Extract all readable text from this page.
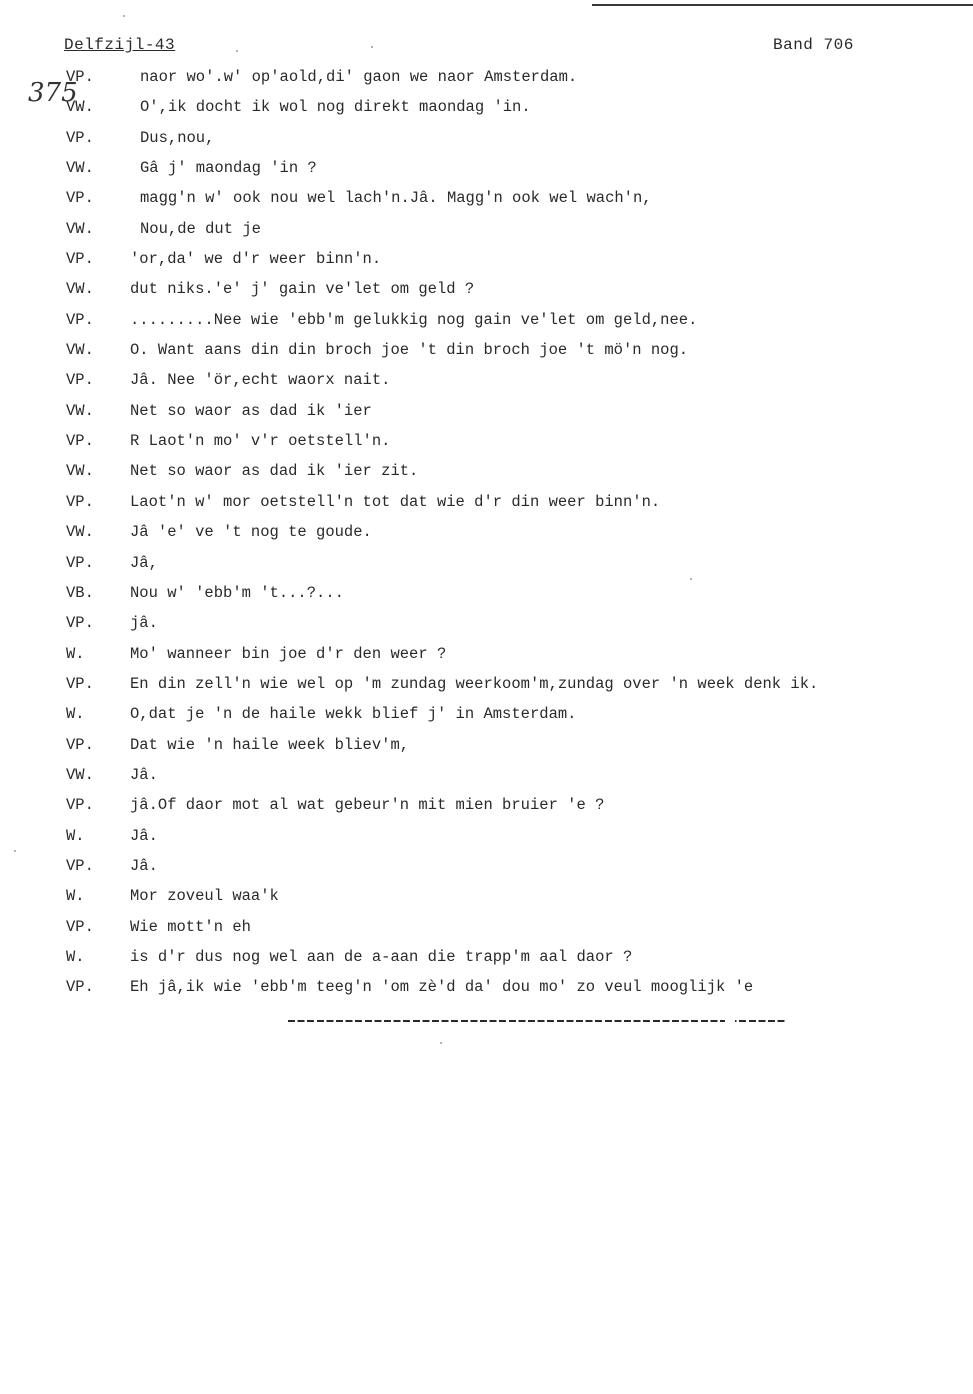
Delfzijl-43	Band 706
375
VP.	naor wo'.w' op'aold,di' gaon we naor Amsterdam.
VW.	O',ik docht ik wol nog direkt maondag 'in.
VP.	Dus,nou,
VW.	Gâ j' maondag 'in ?
VP.	magg'n w' ook nou wel lach'n.Jâ. Magg'n ook wel wach'n,
VW.	Nou,de dut je
VP. 'or,da' we d'r weer binn'n.
VW. dut niks.'e' j' gain ve'let om geld ?
VP. .........Nee wie 'ebb'm gelukkig nog gain ve'let om geld,nee.
VW. O. Want aans din din broch joe 't din broch joe 't mö'n nog.
VP. Jâ. Nee 'ör,echt waorx nait.
VW. Net so waor as dad ik 'ier
VP. R Laot'n mo' v'r oetstell'n.
VW. Net so waor as dad ik 'ier zit.
VP. Laot'n w' mor oetstell'n tot dat wie d'r din weer binn'n.
VW. Jâ 'e' ve 't nog te goude.
VP. Jâ,
VB. Nou w' 'ebb'm 't...?...
VP. jâ.
W.	Mo' wanneer bin joe d'r den weer ?
VP. En din zell'n wie wel op 'm zundag weerkoom'm,zundag over 'n week denk ik.
W.	O,dat je 'n de haile wekk blief j' in Amsterdam.
VP. Dat wie 'n haile week bliev'm,
VW. Jâ.
VP. jâ.Of daor mot al wat gebeur'n mit mien bruier 'e ?
W.	Jâ.
VP. Jâ.
W.	Mor zoveul waa'k
VP. Wie mott'n eh
W.	is d'r dus nog wel aan de a-aan die trapp'm aal daor ?
VP. Eh jâ,ik wie 'ebb'm teeg'n 'om zè'd da' dou mo' zo veul mooglijk 'e
